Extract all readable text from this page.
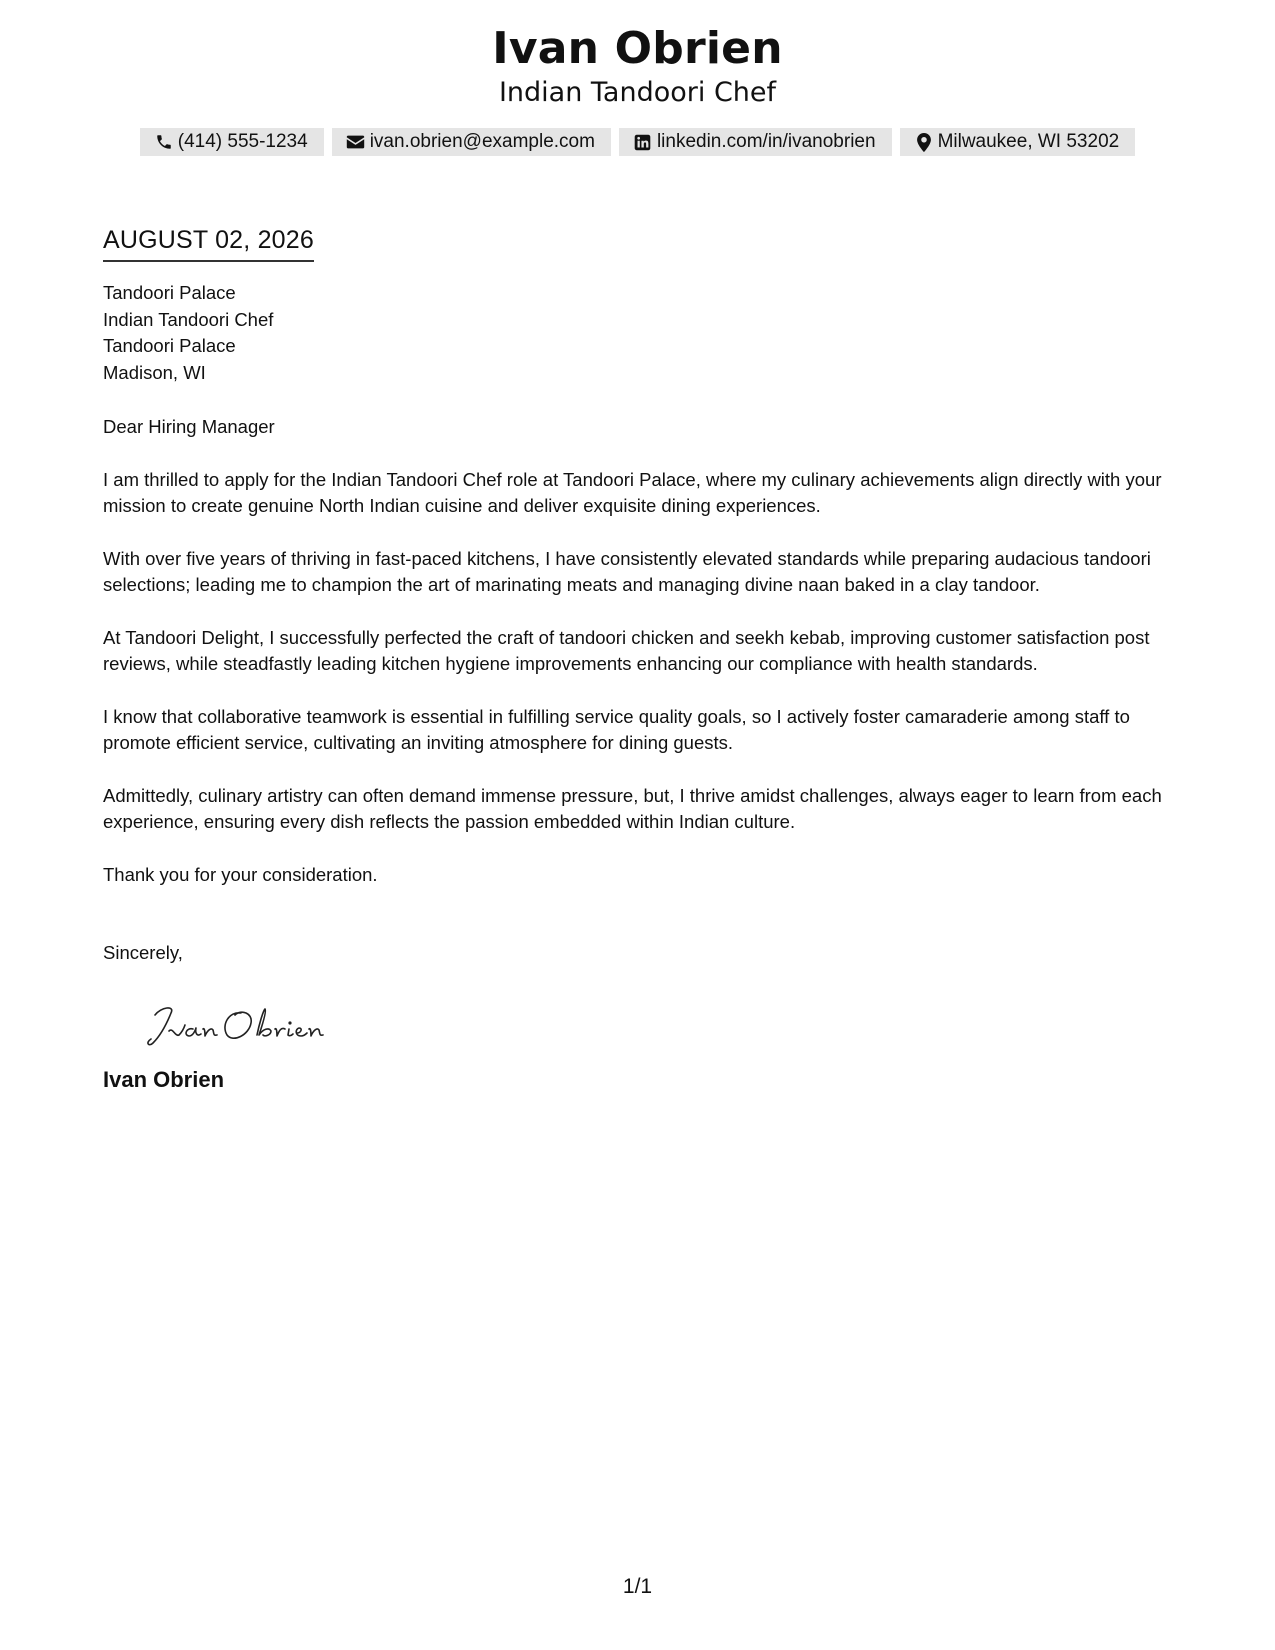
Ivan Obrien
Indian Tandoori Chef
(414) 555-1234	ivan.obrien@example.com	linkedin.com/in/ivanobrien	Milwaukee, WI 53202
AUGUST 02, 2026
Tandoori Palace
Indian Tandoori Chef
Tandoori Palace
Madison, WI
Dear Hiring Manager

I am thrilled to apply for the Indian Tandoori Chef role at Tandoori Palace, where my culinary achievements align directly with your mission to create genuine North Indian cuisine and deliver exquisite dining experiences.

With over five years of thriving in fast-paced kitchens, I have consistently elevated standards while preparing audacious tandoori selections; leading me to champion the art of marinating meats and managing divine naan baked in a clay tandoor.

At Tandoori Delight, I successfully perfected the craft of tandoori chicken and seekh kebab, improving customer satisfaction post reviews, while steadfastly leading kitchen hygiene improvements enhancing our compliance with health standards.

I know that collaborative teamwork is essential in fulfilling service quality goals, so I actively foster camaraderie among staff to promote efficient service, cultivating an inviting atmosphere for dining guests.

Admittedly, culinary artistry can often demand immense pressure, but, I thrive amidst challenges, always eager to learn from each experience, ensuring every dish reflects the passion embedded within Indian culture.

Thank you for your consideration.

Sincerely,
Ivan Obrien
1/1
